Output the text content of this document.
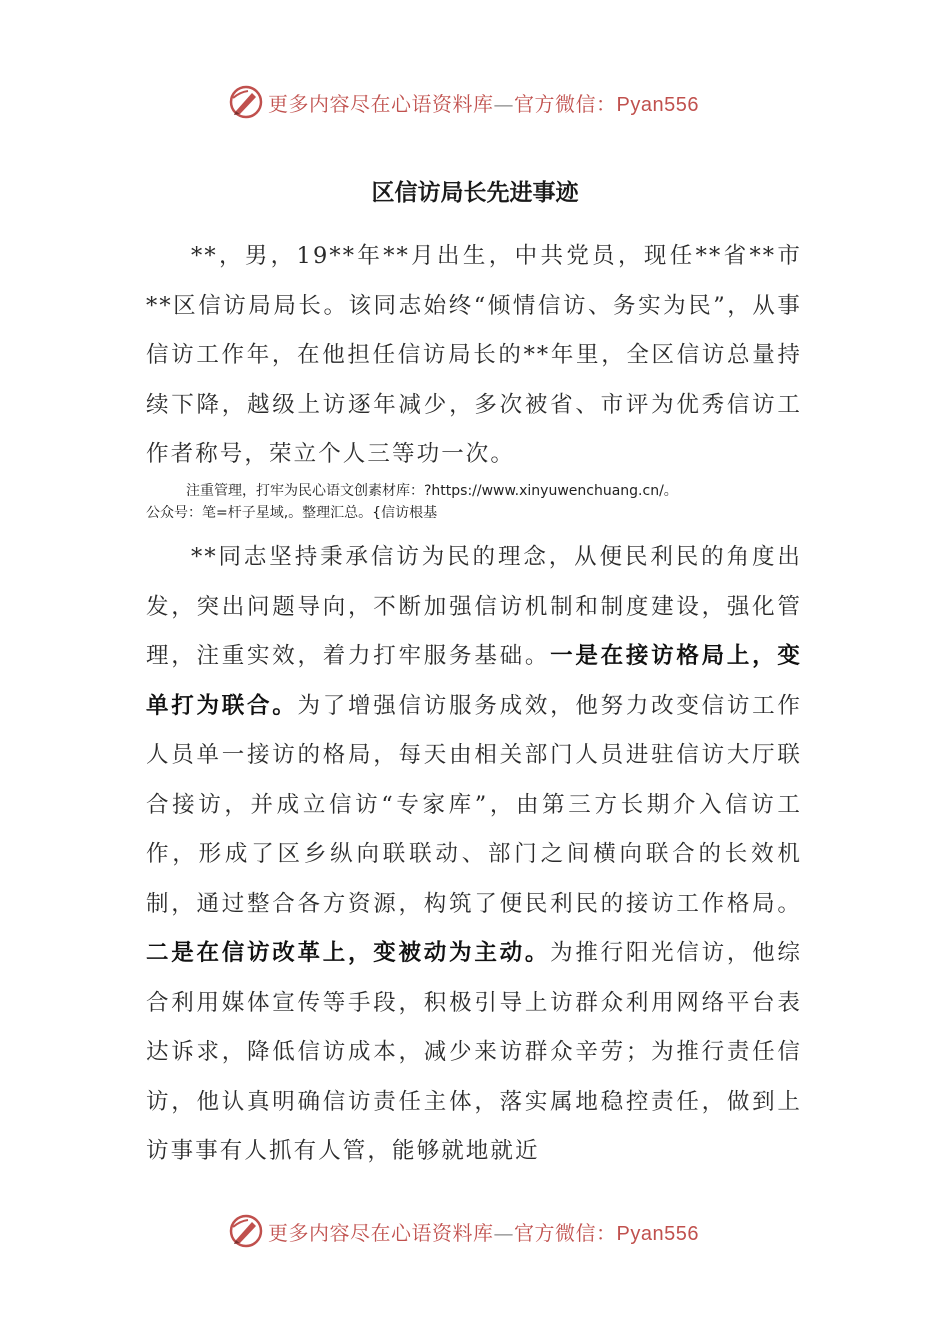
更多内容尽在心语资料库—官方微信：Pyan556
区信访局长先进事迹

**，男，19**年**月出生，中共党员，现任**省**市**区信访局局长。该同志始终“倾情信访、务实为民”，从事信访工作年，在他担任信访局长的**年里，全区信访总量持续下降，越级上访逐年减少，多次被省、市评为优秀信访工作者称号，荣立个人三等功一次。

注重管理，打牢为民心语文创素材库：?https://www.xinyuwenchuang.cn/。
公众号：笔=杆子星域,。整理汇总。{信访根基

**同志坚持秉承信访为民的理念，从便民利民的角度出发，突出问题导向，不断加强信访机制和制度建设，强化管理，注重实效，着力打牢服务基础。一是在接访格局上，变单打为联合。为了增强信访服务成效，他努力改变信访工作人员单一接访的格局，每天由相关部门人员进驻信访大厅联合接访，并成立信访“专家库”，由第三方长期介入信访工作，形成了区乡纵向联联动、部门之间横向联合的长效机制，通过整合各方资源，构筑了便民利民的接访工作格局。二是在信访改革上，变被动为主动。为推行阳光信访，他综合利用媒体宣传等手段，积极引导上访群众利用网络平台表达诉求，降低信访成本，减少来访群众辛劳；为推行责任信访，他认真明确信访责任主体，落实属地稳控责任，做到上访事事有人抓有人管，能够就地就近

更多内容尽在心语资料库—官方微信：Pyan556
